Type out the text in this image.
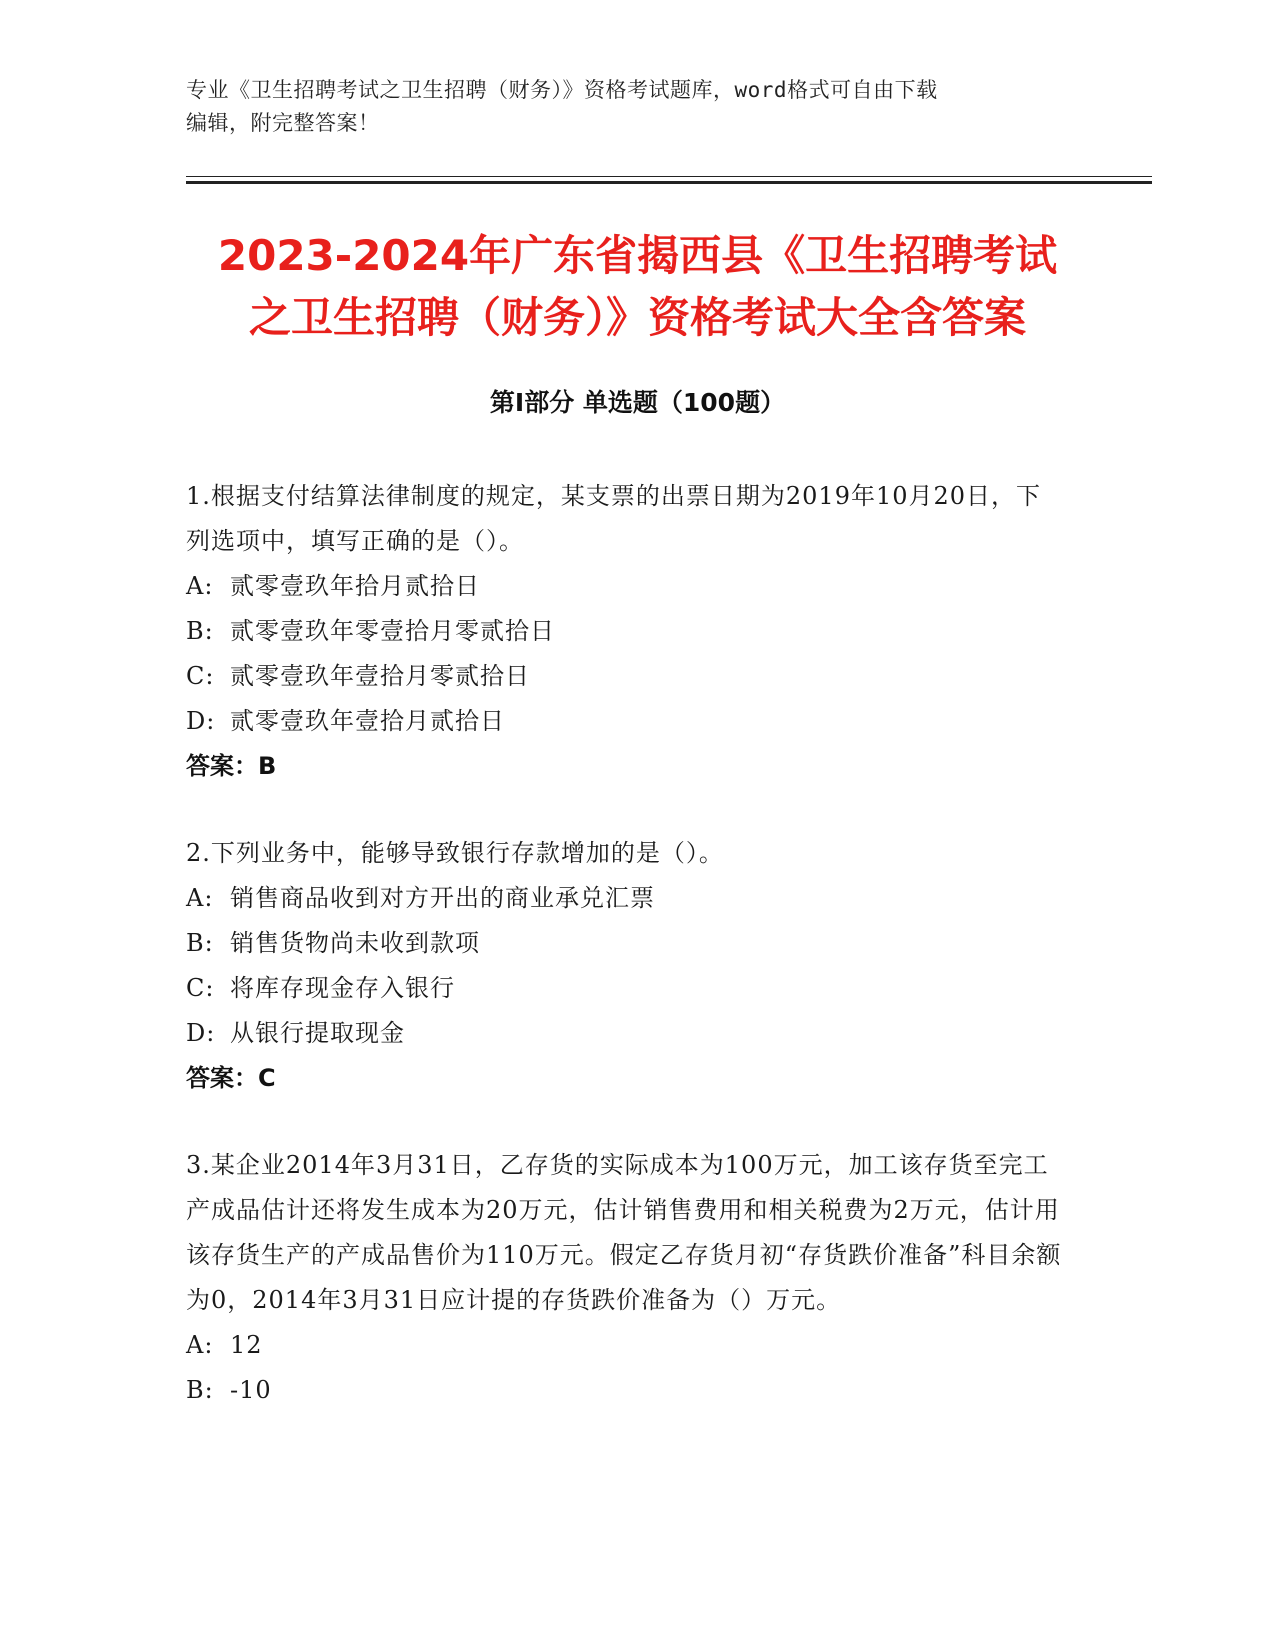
专业《卫生招聘考试之卫生招聘（财务）》资格考试题库，word格式可自由下载
编辑，附完整答案！
2023-2024年广东省揭西县《卫生招聘考试
之卫生招聘（财务）》资格考试大全含答案
第Ⅰ部分 单选题（100题）
1.根据支付结算法律制度的规定，某支票的出票日期为2019年10月20日，下列选项中，填写正确的是（）。
A: 贰零壹玖年拾月贰拾日
B: 贰零壹玖年零壹拾月零贰拾日
C: 贰零壹玖年壹拾月零贰拾日
D: 贰零壹玖年壹拾月贰拾日
答案：B
2.下列业务中，能够导致银行存款增加的是（）。
A: 销售商品收到对方开出的商业承兑汇票
B: 销售货物尚未收到款项
C: 将库存现金存入银行
D: 从银行提取现金
答案：C
3.某企业2014年3月31日，乙存货的实际成本为100万元，加工该存货至完工产成品估计还将发生成本为20万元，估计销售费用和相关税费为2万元，估计用该存货生产的产成品售价为110万元。假定乙存货月初“存货跌价准备”科目余额为0，2014年3月31日应计提的存货跌价准备为（）万元。
A: 12
B: -10
